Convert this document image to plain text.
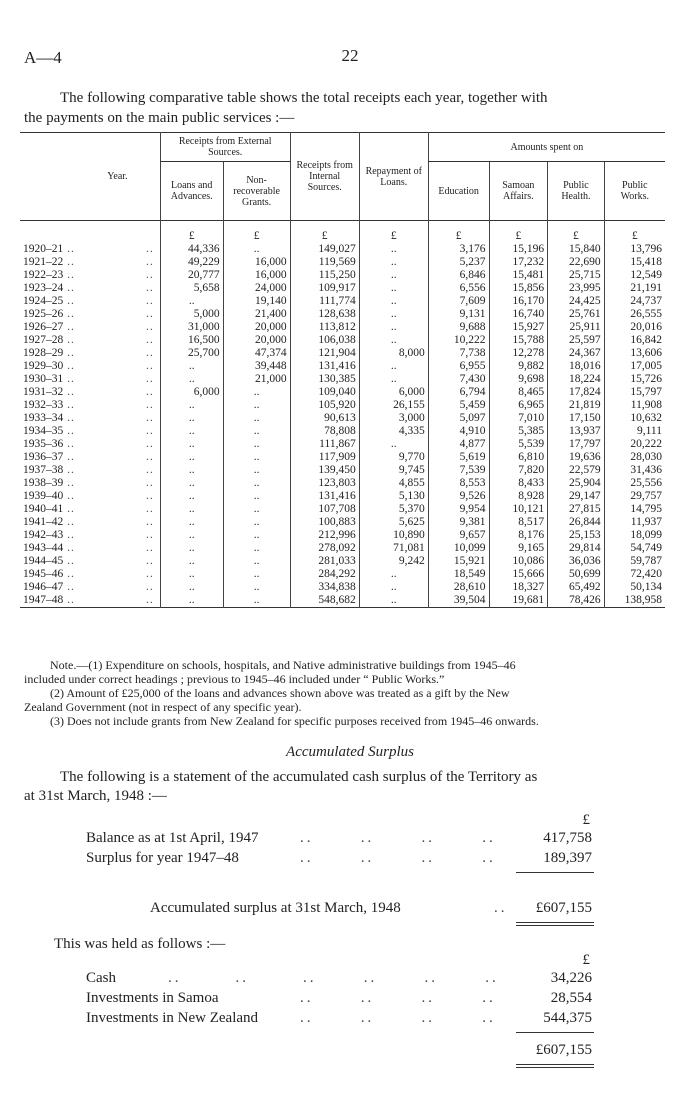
A—4	22
The following comparative table shows the total receipts each year, together with
the payments on the main public services :—
Year.	Receipts from External Sources.		Receipts from Internal Sources.	Repayment of Loans.	Amounts spent on			
	Loans and Advances.	Non-recoverable Grants.			Education	Samoan Affairs.	Public Health.	Public Works.
	£	£	£	£	£	£	£	£
1920–21 .. ..	44,336	..	149,027	..	3,176	15,196	15,840	13,796
1921–22 .. ..	49,229	16,000	119,569	..	5,237	17,232	22,690	15,418
1922–23 .. ..	20,777	16,000	115,250	..	6,846	15,481	25,715	12,549
1923–24 .. ..	5,658	24,000	109,917	..	6,556	15,856	23,995	21,191
1924–25 .. ..	..	19,140	111,774	..	7,609	16,170	24,425	24,737
1925–26 .. ..	5,000	21,400	128,638	..	9,131	16,740	25,761	26,555
1926–27 .. ..	31,000	20,000	113,812	..	9,688	15,927	25,911	20,016
1927–28 .. ..	16,500	20,000	106,038	..	10,222	15,788	25,597	16,842
1928–29 .. ..	25,700	47,374	121,904	8,000	7,738	12,278	24,367	13,606
1929–30 .. ..	..	39,448	131,416	..	6,955	9,882	18,016	17,005
1930–31 .. ..	..	21,000	130,385	..	7,430	9,698	18,224	15,726
1931–32 .. ..	6,000	..	109,040	6,000	6,794	8,465	17,824	15,797
1932–33 .. ..	..	..	105,920	26,155	5,459	6,965	21,819	11,908
1933–34 .. ..	..	..	90,613	3,000	5,097	7,010	17,150	10,632
1934–35 .. ..	..	..	78,808	4,335	4,910	5,385	13,937	9,111
1935–36 .. ..	..	..	111,867	..	4,877	5,539	17,797	20,222
1936–37 .. ..	..	..	117,909	9,770	5,619	6,810	19,636	28,030
1937–38 .. ..	..	..	139,450	9,745	7,539	7,820	22,579	31,436
1938–39 .. ..	..	..	123,803	4,855	8,553	8,433	25,904	25,556
1939–40 .. ..	..	..	131,416	5,130	9,526	8,928	29,147	29,757
1940–41 .. ..	..	..	107,708	5,370	9,954	10,121	27,815	14,795
1941–42 .. ..	..	..	100,883	5,625	9,381	8,517	26,844	11,937
1942–43 .. ..	..	..	212,996	10,890	9,657	8,176	25,153	18,099
1943–44 .. ..	..	..	278,092	71,081	10,099	9,165	29,814	54,749
1944–45 .. ..	..	..	281,033	9,242	15,921	10,086	36,036	59,787
1945–46 .. ..	..	..	284,292	..	18,549	15,666	50,699	72,420
1946–47 .. ..	..	..	334,838	..	28,610	18,327	65,492	50,134
1947–48 .. ..	..	..	548,682	..	39,504	19,681	78,426	138,958

Note.—(1) Expenditure on schools, hospitals, and Native administrative buildings from 1945–46

included under correct headings ; previous to 1945–46 included under “ Public Works.”

(2) Amount of £25,000 of the loans and advances shown above was treated as a gift by the New

Zealand Government (not in respect of any specific year).

(3) Does not include grants from New Zealand for specific purposes received from 1945–46 onwards.

Accumulated Surplus
The following is a statement of the accumulated cash surplus of the Territory as
at 31st March, 1948 :—
£
Balance as at 1st April, 1947	..       ..       ..       ..	417,758
Surplus for year 1947–48	..       ..       ..       ..	189,397
Accumulated surplus at 31st March, 1948	..	£607,155
This was held as follows :—
£
Cash	..        ..        ..       ..       ..       ..	34,226
Investments in Samoa	..       ..       ..       ..	28,554
Investments in New Zealand	..       ..       ..       ..	544,375
£607,155
